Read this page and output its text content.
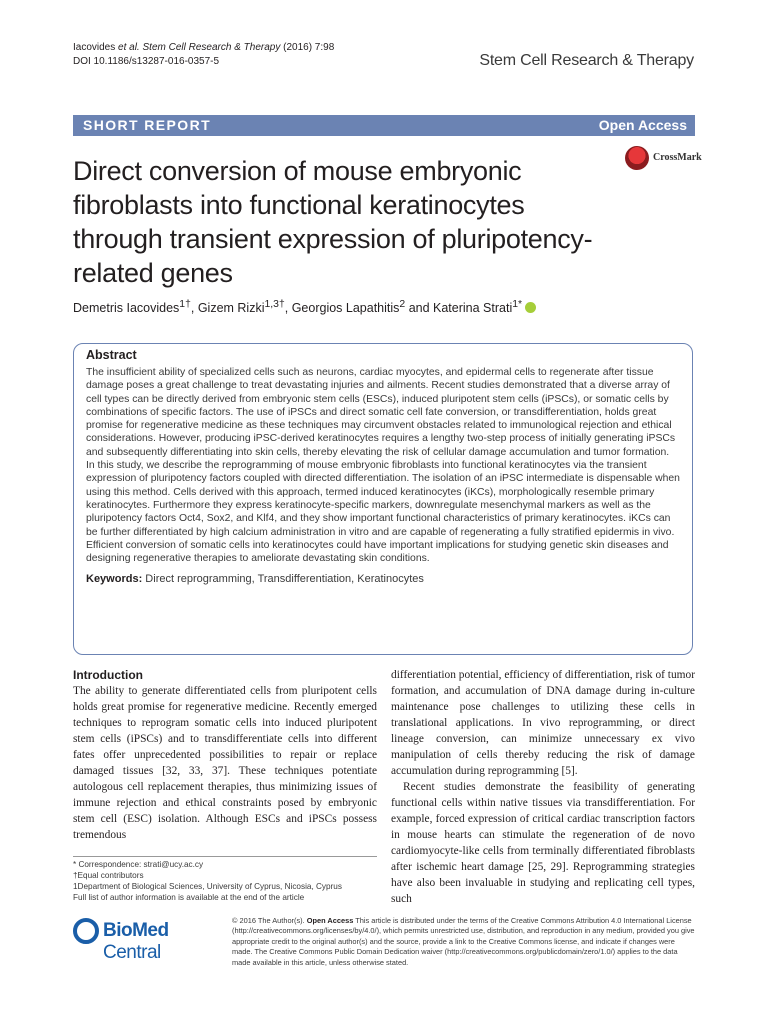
Iacovides et al. Stem Cell Research & Therapy (2016) 7:98
DOI 10.1186/s13287-016-0357-5	Stem Cell Research & Therapy
SHORT REPORT	Open Access
Direct conversion of mouse embryonic fibroblasts into functional keratinocytes through transient expression of pluripotency-related genes
CrossMark
Demetris Iacovides$^{1\dagger}$, Gizem Rizki$^{1,3\dagger}$, Georgios Lapathitis$^2$ and Katerina Strati$^{1*}$
Abstract

The insufficient ability of specialized cells such as neurons, cardiac myocytes, and epidermal cells to regenerate after tissue damage poses a great challenge to treat devastating injuries and ailments. Recent studies demonstrated that a diverse array of cell types can be directly derived from embryonic stem cells (ESCs), induced pluripotent stem cells (iPSCs), or somatic cells by combinations of specific factors. The use of iPSCs and direct somatic cell fate conversion, or transdifferentiation, holds great promise for regenerative medicine as these techniques may circumvent obstacles related to immunological rejection and ethical considerations. However, producing iPSC-derived keratinocytes requires a lengthy two-step process of initially generating iPSCs and subsequently differentiating into skin cells, thereby elevating the risk of cellular damage accumulation and tumor formation. In this study, we describe the reprogramming of mouse embryonic fibroblasts into functional keratinocytes via the transient expression of pluripotency factors coupled with directed differentiation. The isolation of an iPSC intermediate is dispensable when using this method. Cells derived with this approach, termed induced keratinocytes (iKCs), morphologically resemble primary keratinocytes. Furthermore they express keratinocyte-specific markers, downregulate mesenchymal markers as well as the pluripotency factors Oct4, Sox2, and Klf4, and they show important functional characteristics of primary keratinocytes. iKCs can be further differentiated by high calcium administration in vitro and are capable of regenerating a fully stratified epidermis in vivo. Efficient conversion of somatic cells into keratinocytes could have important implications for studying genetic skin diseases and designing regenerative therapies to ameliorate devastating skin conditions.

Keywords: Direct reprogramming, Transdifferentiation, Keratinocytes
Introduction

The ability to generate differentiated cells from pluripotent cells holds great promise for regenerative medicine. Recently emerged techniques to reprogram somatic cells into induced pluripotent stem cells (iPSCs) and to transdifferentiate cells into different fates offer unprecedented possibilities to repair or replace damaged tissues [32, 33, 37]. These techniques potentiate autologous cell replacement therapies, thus minimizing issues of immune rejection and ethical constraints posed by embryonic stem cell (ESC) isolation. Although ESCs and iPSCs possess tremendous

differentiation potential, efficiency of differentiation, risk of tumor formation, and accumulation of DNA damage during in-culture maintenance pose challenges to utilizing these cells in translational applications. In vivo reprogramming, or direct lineage conversion, can minimize unnecessary ex vivo manipulation of cells thereby reducing the risk of damage accumulation during reprogramming [5].

Recent studies demonstrate the feasibility of generating functional cells within native tissues via transdifferentiation. For example, forced expression of critical cardiac transcription factors in mouse hearts can stimulate the regeneration of de novo cardiomyocyte-like cells from terminally differentiated fibroblasts after ischemic heart damage [25, 29]. Reprogramming strategies have also been invaluable in studying and replicating cell types, such

* Correspondence: strati@ucy.ac.cy
†Equal contributors
1Department of Biological Sciences, University of Cyprus, Nicosia, Cyprus
Full list of author information is available at the end of the article
BioMed Central
© 2016 The Author(s). Open Access This article is distributed under the terms of the Creative Commons Attribution 4.0 International License (http://creativecommons.org/licenses/by/4.0/), which permits unrestricted use, distribution, and reproduction in any medium, provided you give appropriate credit to the original author(s) and the source, provide a link to the Creative Commons license, and indicate if changes were made. The Creative Commons Public Domain Dedication waiver (http://creativecommons.org/publicdomain/zero/1.0/) applies to the data made available in this article, unless otherwise stated.
